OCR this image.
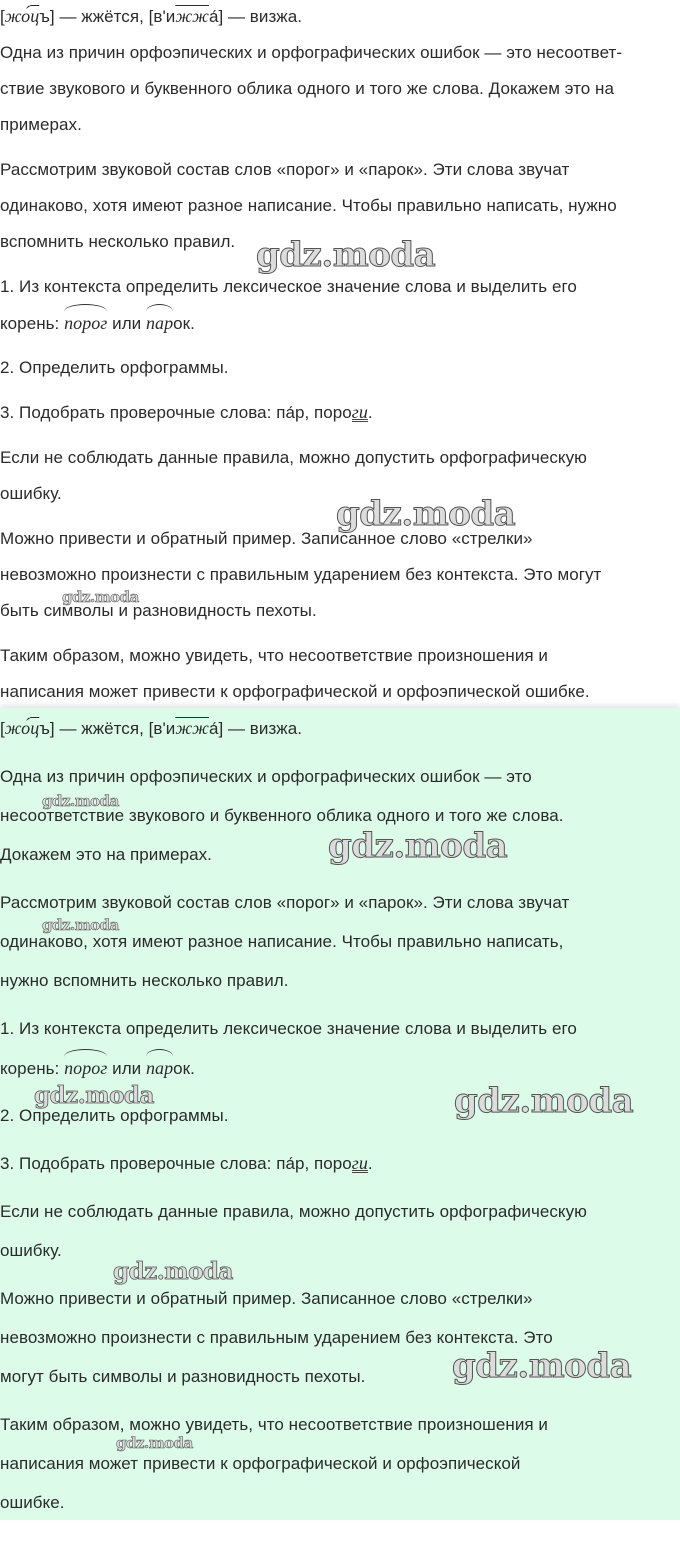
[жо́цъ] — жжётся, [в'ижжа́] — визжа.
Одна из причин орфоэпических и орфографических ошибок — это несоответ-
ствие звукового и буквенного облика одного и того же слова. Докажем это на
примерах.
Рассмотрим звуковой состав слов «порог» и «парок». Эти слова звучат
одинаково, хотя имеют разное написание. Чтобы правильно написать, нужно
вспомнить несколько правил.
1. Из контекста определить лексическое значение слова и выделить его
корень: порог или парок.
2. Определить орфограммы.
3. Подобрать проверочные слова: па́р, пороги.
Если не соблюдать данные правила, можно допустить орфографическую
ошибку.
Можно привести и обратный пример. Записанное слово «стрелки»
невозможно произнести с правильным ударением без контекста. Это могут
быть символы и разновидность пехоты.
Таким образом, можно увидеть, что несоответствие произношения и
написания может привести к орфографической и орфоэпической ошибке.
gdz.moda
gdz.moda
gdz.moda
[жо́цъ] — жжётся, [в'ижжа́] — визжа.
Одна из причин орфоэпических и орфографических ошибок — это
несоответствие звукового и буквенного облика одного и того же слова.
Докажем это на примерах.
Рассмотрим звуковой состав слов «порог» и «парок». Эти слова звучат
одинаково, хотя имеют разное написание. Чтобы правильно написать,
нужно вспомнить несколько правил.
1. Из контекста определить лексическое значение слова и выделить его
корень: порог или парок.
2. Определить орфограммы.
3. Подобрать проверочные слова: па́р, пороги.
Если не соблюдать данные правила, можно допустить орфографическую
ошибку.
Можно привести и обратный пример. Записанное слово «стрелки»
невозможно произнести с правильным ударением без контекста. Это
могут быть символы и разновидность пехоты.
Таким образом, можно увидеть, что несоответствие произношения и
написания может привести к орфографической и орфоэпической
ошибке.
gdz.moda
gdz.moda
gdz.moda
gdz.moda	gdz.moda
gdz.moda
gdz.moda
gdz.moda
